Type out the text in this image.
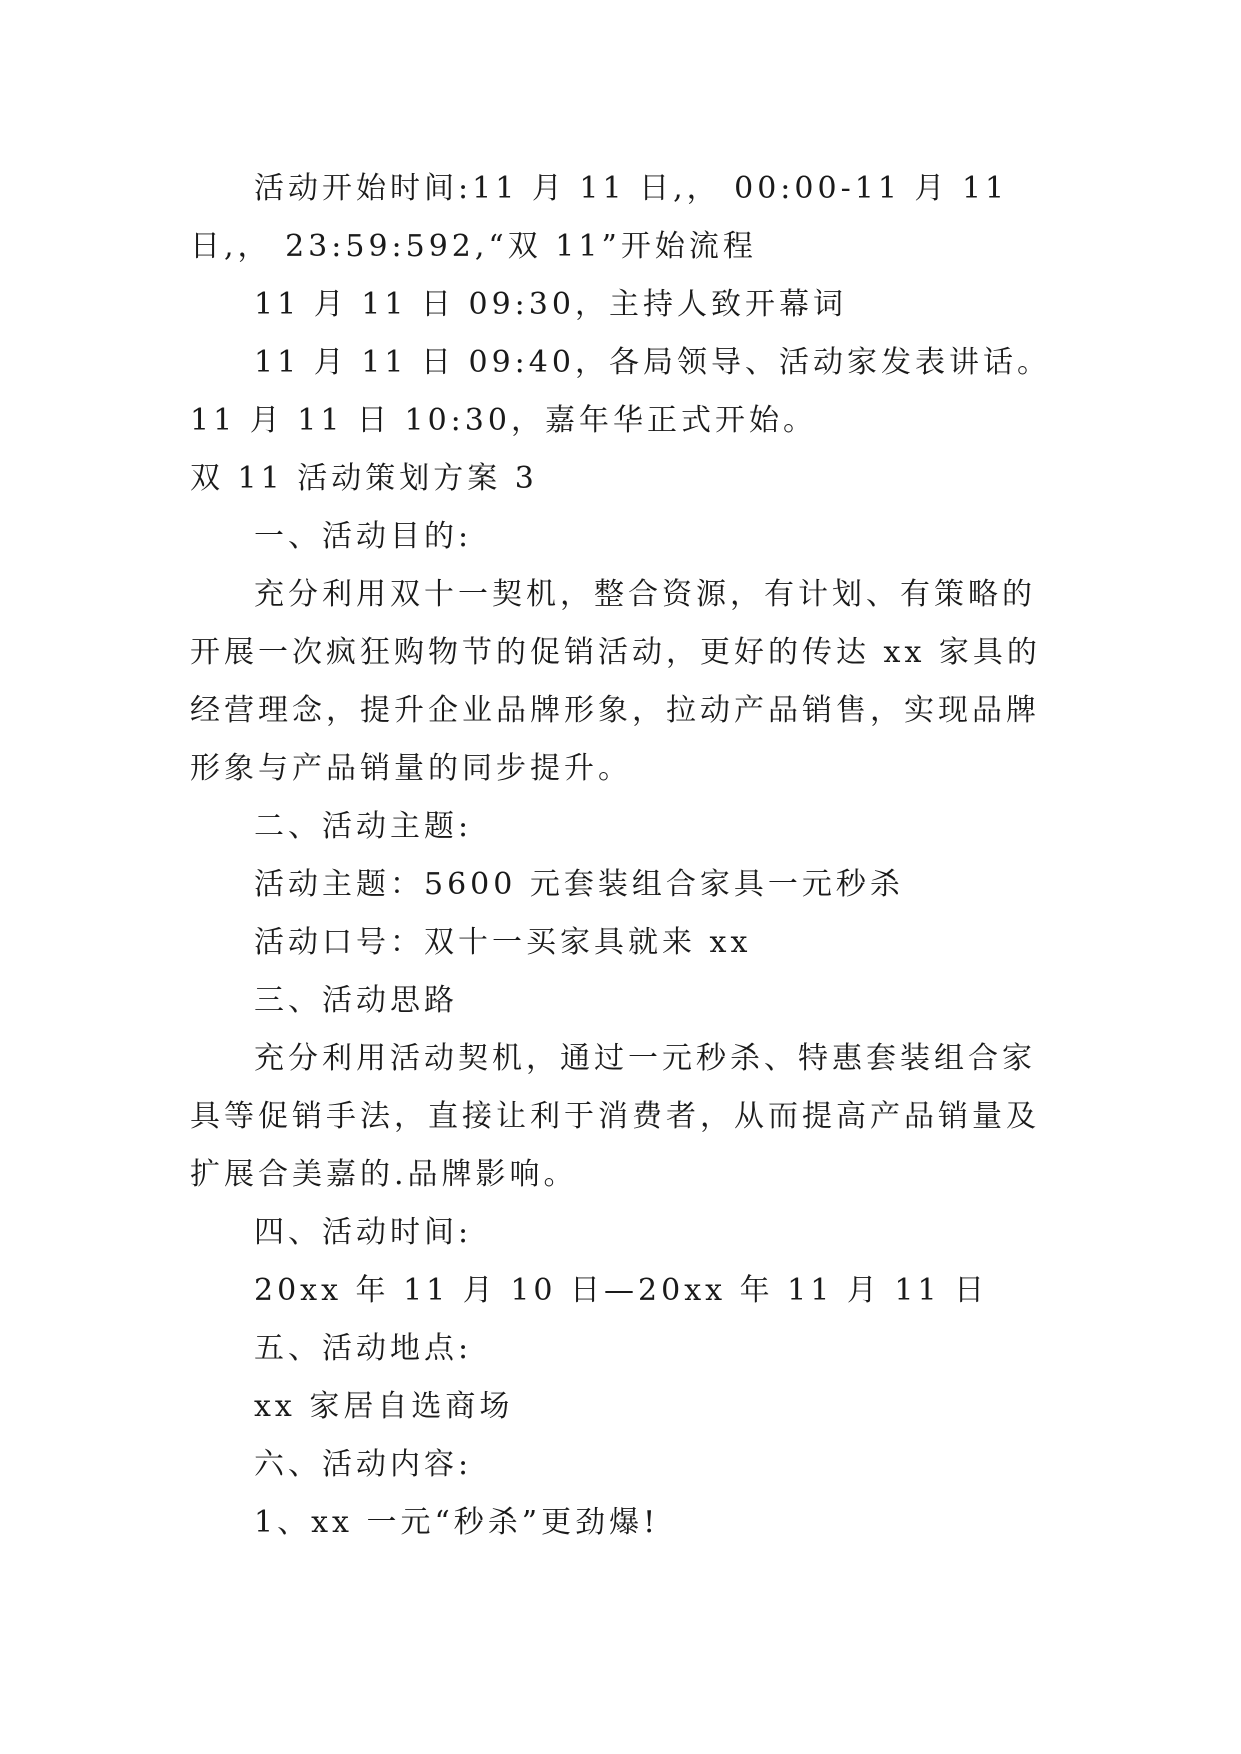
活动开始时间:11 月 11 日,， 00:00-11 月 11 日,， 23:59:592,“双 11”开始流程

11 月 11 日 09:30，主持人致开幕词

11 月 11 日 09:40，各局领导、活动家发表讲话。11 月 11 日 10:30，嘉年华正式开始。

双 11 活动策划方案 3

一、活动目的:

充分利用双十一契机，整合资源，有计划、有策略的开展一次疯狂购物节的促销活动，更好的传达 xx 家具的经营理念，提升企业品牌形象，拉动产品销售，实现品牌形象与产品销量的同步提升。

二、活动主题:

活动主题：5600 元套装组合家具一元秒杀

活动口号：双十一买家具就来 xx

三、活动思路

充分利用活动契机，通过一元秒杀、特惠套装组合家具等促销手法，直接让利于消费者，从而提高产品销量及扩展合美嘉的.品牌影响。

四、活动时间:

20xx 年 11 月 10 日—20xx 年 11 月 11 日

五、活动地点:

xx 家居自选商场

六、活动内容:

1、xx 一元“秒杀”更劲爆!
